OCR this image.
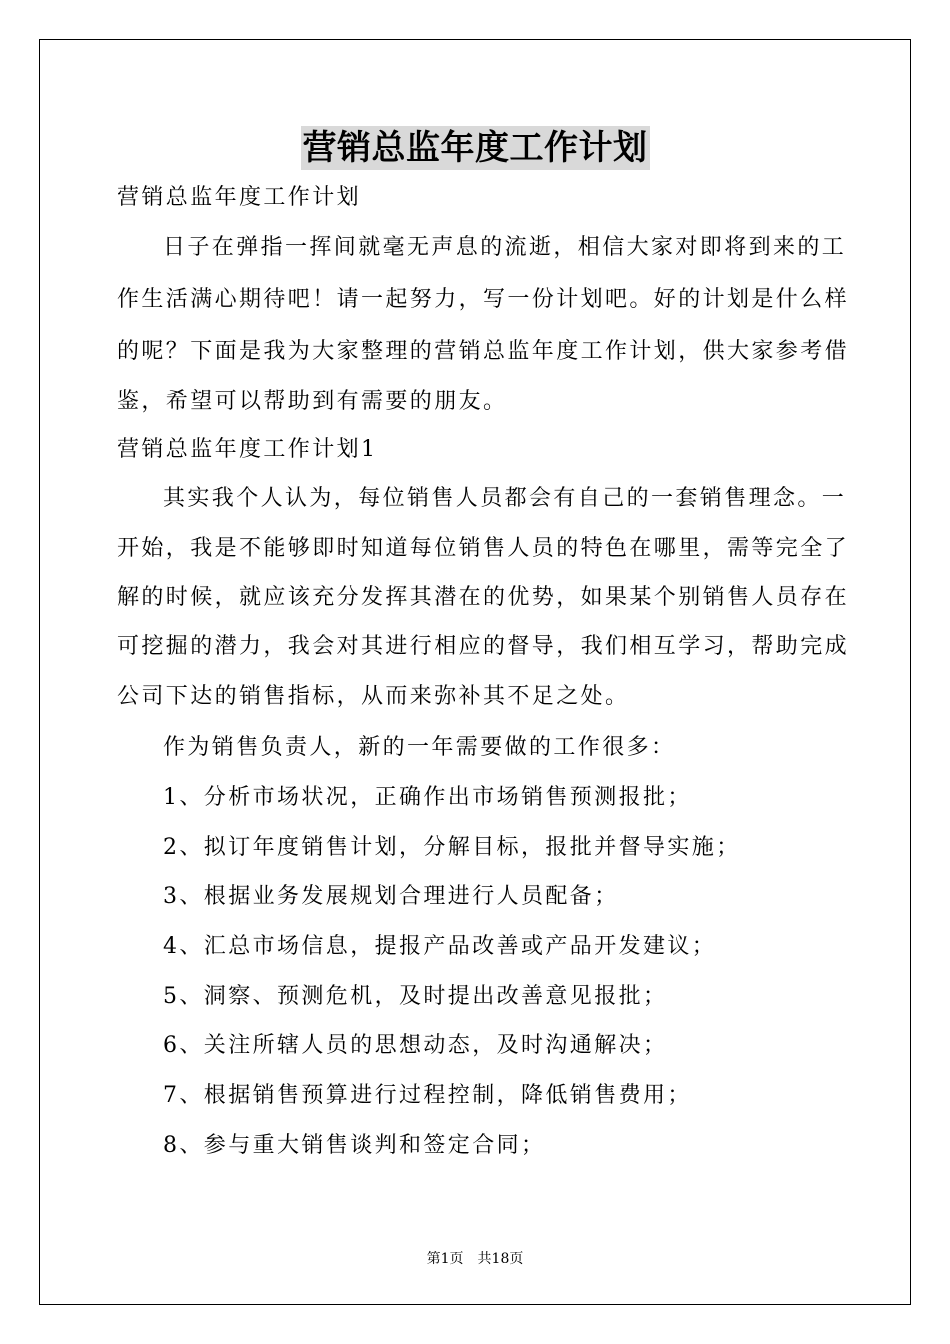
营销总监年度工作计划
营销总监年度工作计划
日子在弹指一挥间就毫无声息的流逝，相信大家对即将到来的工
作生活满心期待吧！请一起努力，写一份计划吧。好的计划是什么样
的呢？下面是我为大家整理的营销总监年度工作计划，供大家参考借
鉴，希望可以帮助到有需要的朋友。
营销总监年度工作计划1
其实我个人认为，每位销售人员都会有自己的一套销售理念。一
开始，我是不能够即时知道每位销售人员的特色在哪里，需等完全了
解的时候，就应该充分发挥其潜在的优势，如果某个别销售人员存在
可挖掘的潜力，我会对其进行相应的督导，我们相互学习，帮助完成
公司下达的销售指标，从而来弥补其不足之处。
作为销售负责人，新的一年需要做的工作很多：
1、分析市场状况，正确作出市场销售预测报批；
2、拟订年度销售计划，分解目标，报批并督导实施；
3、根据业务发展规划合理进行人员配备；
4、汇总市场信息，提报产品改善或产品开发建议；
5、洞察、预测危机，及时提出改善意见报批；
6、关注所辖人员的思想动态，及时沟通解决；
7、根据销售预算进行过程控制，降低销售费用；
8、参与重大销售谈判和签定合同；
第1页　共18页
